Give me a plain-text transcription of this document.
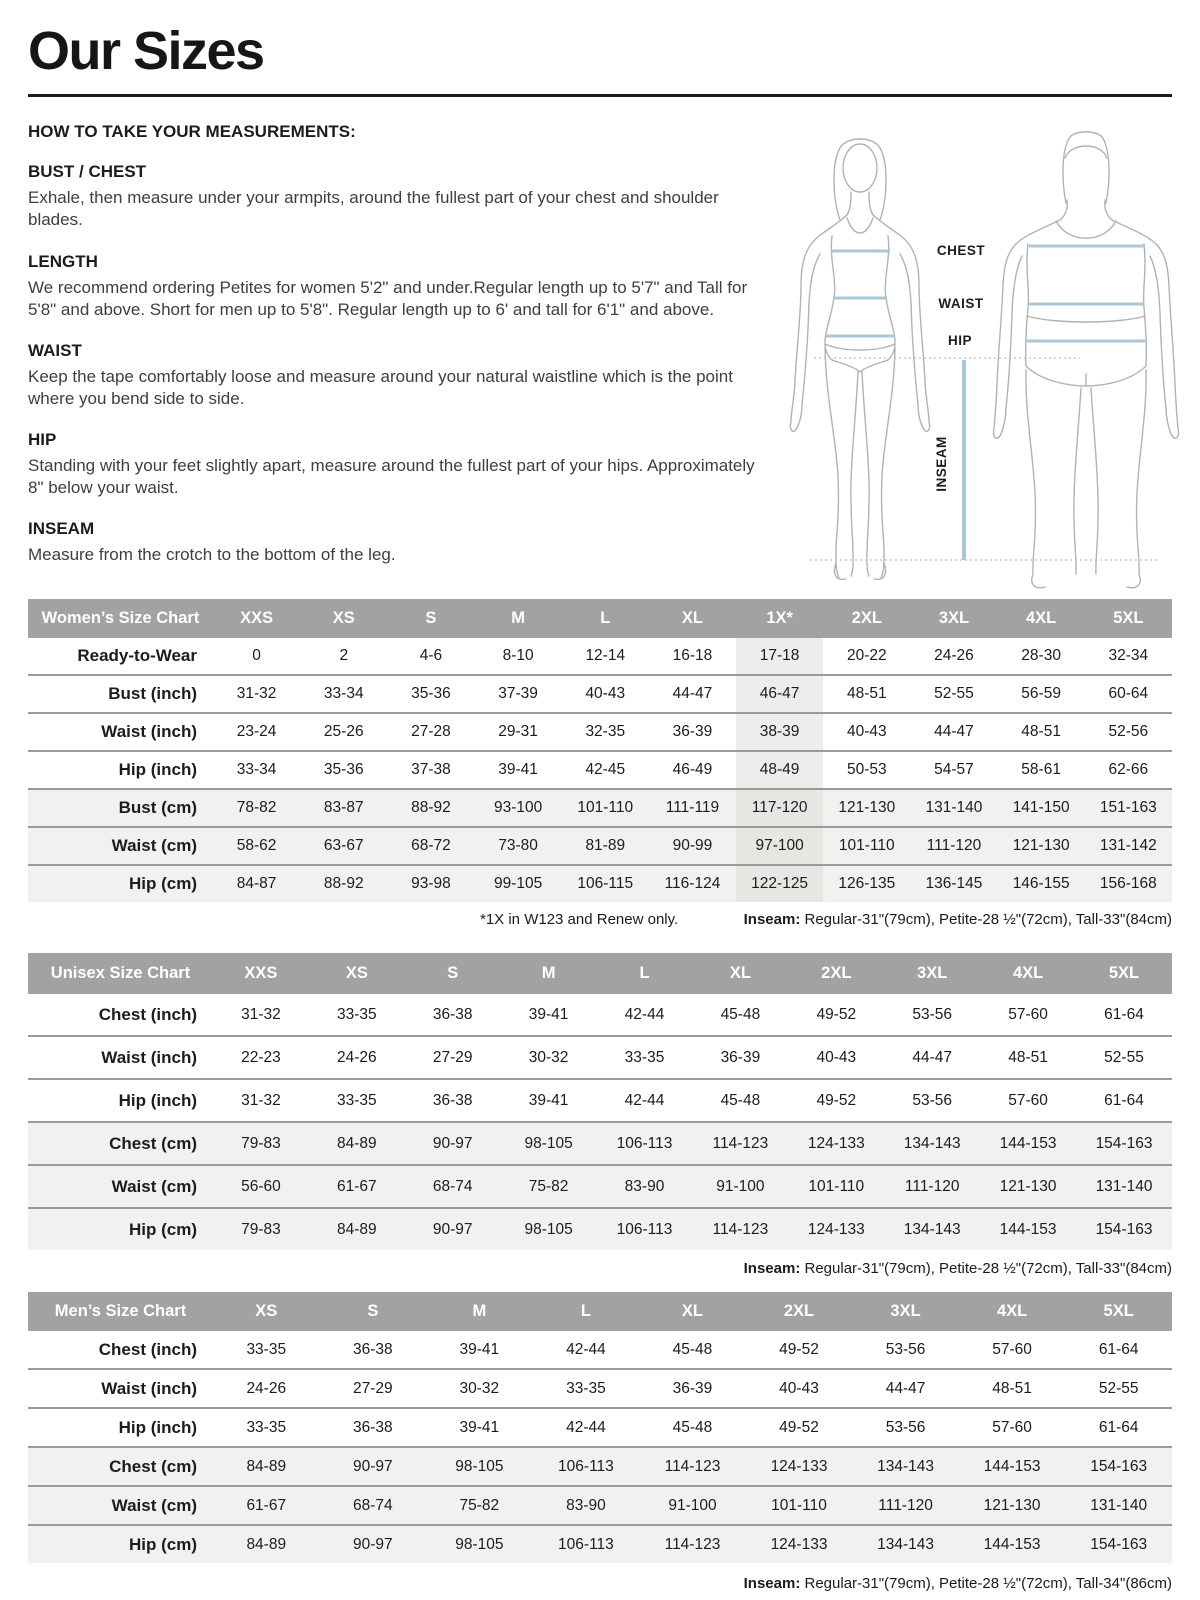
Our Sizes
HOW TO TAKE YOUR MEASUREMENTS:
BUST / CHEST
Exhale, then measure under your armpits, around the fullest part of your chest and shoulder blades.
LENGTH
We recommend ordering Petites for women 5'2" and under.Regular length up to 5'7" and Tall for 5'8" and above. Short for men up to 5'8". Regular length up to 6' and tall for 6'1" and above.
WAIST
Keep the tape comfortably loose and measure around your natural waistline which is the point where you bend side to side.
HIP
Standing with your feet slightly apart, measure around the fullest part of your hips. Approximately 8" below your waist.
INSEAM
Measure from the crotch to the bottom of the leg.
CHEST
WAIST
HIP
INSEAM
Women’s Size Chart	XXS	XS	S	M	L	XL	1X*	2XL	3XL	4XL	5XL
Ready-to-Wear	0	2	4-6	8-10	12-14	16-18	17-18	20-22	24-26	28-30	32-34
Bust (inch)	31-32	33-34	35-36	37-39	40-43	44-47	46-47	48-51	52-55	56-59	60-64
Waist (inch)	23-24	25-26	27-28	29-31	32-35	36-39	38-39	40-43	44-47	48-51	52-56
Hip (inch)	33-34	35-36	37-38	39-41	42-45	46-49	48-49	50-53	54-57	58-61	62-66
Bust (cm)	78-82	83-87	88-92	93-100	101-110	111-119	117-120	121-130	131-140	141-150	151-163
Waist (cm)	58-62	63-67	68-72	73-80	81-89	90-99	97-100	101-110	111-120	121-130	131-142
Hip (cm)	84-87	88-92	93-98	99-105	106-115	116-124	122-125	126-135	136-145	146-155	156-168
*1X in W123 and Renew only.	Inseam: Regular-31"(79cm), Petite-28 ½"(72cm), Tall-33"(84cm)
Unisex Size Chart	XXS	XS	S	M	L	XL	2XL	3XL	4XL	5XL
Chest (inch)	31-32	33-35	36-38	39-41	42-44	45-48	49-52	53-56	57-60	61-64
Waist (inch)	22-23	24-26	27-29	30-32	33-35	36-39	40-43	44-47	48-51	52-55
Hip (inch)	31-32	33-35	36-38	39-41	42-44	45-48	49-52	53-56	57-60	61-64
Chest (cm)	79-83	84-89	90-97	98-105	106-113	114-123	124-133	134-143	144-153	154-163
Waist (cm)	56-60	61-67	68-74	75-82	83-90	91-100	101-110	111-120	121-130	131-140
Hip (cm)	79-83	84-89	90-97	98-105	106-113	114-123	124-133	134-143	144-153	154-163
Inseam: Regular-31"(79cm), Petite-28 ½"(72cm), Tall-33"(84cm)
Men’s Size Chart	XS	S	M	L	XL	2XL	3XL	4XL	5XL
Chest (inch)	33-35	36-38	39-41	42-44	45-48	49-52	53-56	57-60	61-64
Waist (inch)	24-26	27-29	30-32	33-35	36-39	40-43	44-47	48-51	52-55
Hip (inch)	33-35	36-38	39-41	42-44	45-48	49-52	53-56	57-60	61-64
Chest (cm)	84-89	90-97	98-105	106-113	114-123	124-133	134-143	144-153	154-163
Waist (cm)	61-67	68-74	75-82	83-90	91-100	101-110	111-120	121-130	131-140
Hip (cm)	84-89	90-97	98-105	106-113	114-123	124-133	134-143	144-153	154-163
Inseam: Regular-31"(79cm), Petite-28 ½"(72cm), Tall-34"(86cm)
